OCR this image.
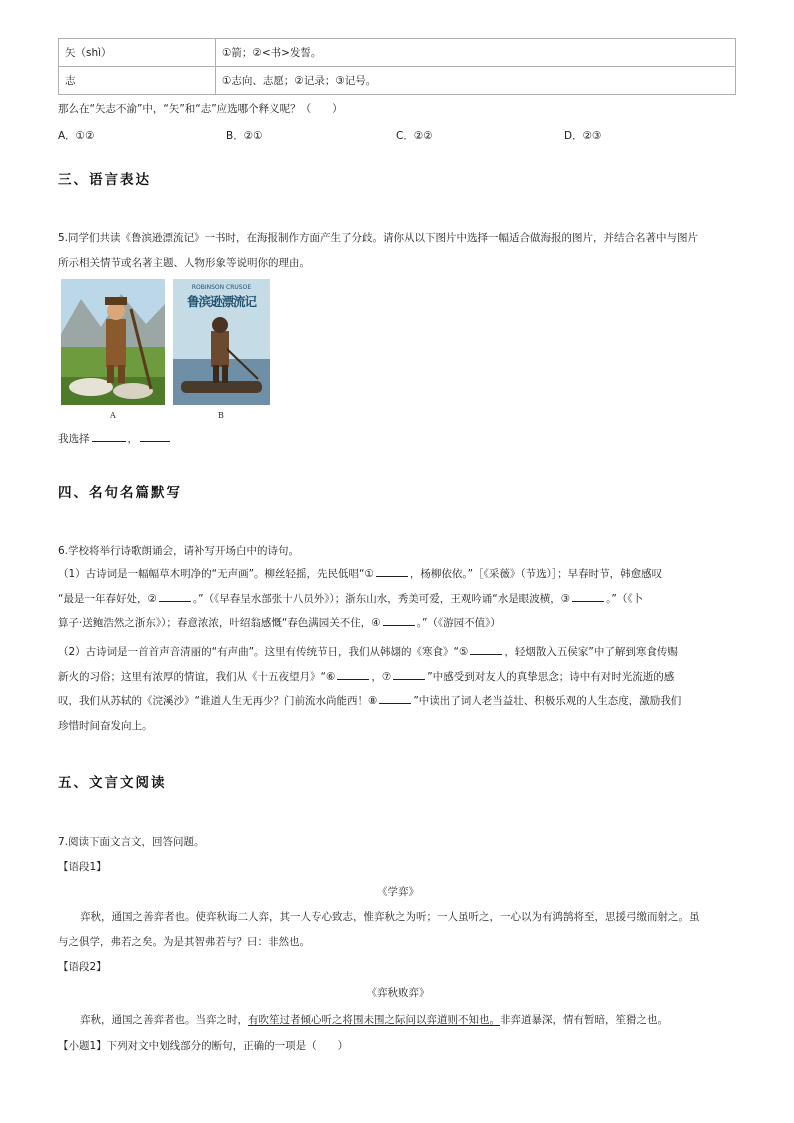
矢（shì）	①箭；②<书>发誓。
志	①志向、志愿；②记录；③记号。
那么在“矢志不渝”中，“矢”和“志”应选哪个释义呢？（　　）
A．①②	B．②①	C．②②	D．②③
三、语言表达
5.同学们共读《鲁滨逊漂流记》一书时，在海报制作方面产生了分歧。请你从以下图片中选择一幅适合做海报的图片，并结合名著中与图片
所示相关情节或名著主题、人物形象等说明你的理由。
A
ROBINSON CRUSOE
鲁滨逊漂流记
B
我选择	，
四、名句名篇默写
6.学校将举行诗歌朗诵会，请补写开场白中的诗句。
（1）古诗词是一幅幅草木明净的“无声画”。柳丝轻摇，先民低唱“①	，杨柳依依。”［《采薇》（节选）］；早春时节，韩愈感叹
“最是一年春好处，②	。”（《早春呈水部张十八员外》）；浙东山水，秀美可爱，王观吟诵“水是眼波横，③	。”（《卜
算子·送鲍浩然之浙东》）；春意浓浓，叶绍翁感慨“春色满园关不住，④	。”（《游园不值》）
（2）古诗词是一首首声音清丽的“有声曲”。这里有传统节日，我们从韩翃的《寒食》“⑤	，轻烟散入五侯家”中了解到寒食传赐
新火的习俗；这里有浓厚的情谊，我们从《十五夜望月》“⑥	，⑦	”中感受到对友人的真挚思念；诗中有对时光流逝的感
叹，我们从苏轼的《浣溪沙》“谁道人生无再少？门前流水尚能西！⑧	”中读出了词人老当益壮、积极乐观的人生态度，激励我们
珍惜时间奋发向上。
五、文言文阅读
7.阅读下面文言文，回答问题。
【语段1】
《学弈》
弈秋，通国之善弈者也。使弈秋诲二人弈，其一人专心致志，惟弈秋之为听；一人虽听之，一心以为有鸿鹄将至，思援弓缴而射之。虽
与之俱学，弗若之矣。为是其智弗若与？曰：非然也。
【语段2】
《弈秋败弈》
弈秋，通国之善弈者也。当弈之时，有吹笙过者倾心听之将围未围之际问以弈道则不知也。非弈道暴深，情有暂暗，笙猾之也。
【小题1】下列对文中划线部分的断句，正确的一项是（　　）
